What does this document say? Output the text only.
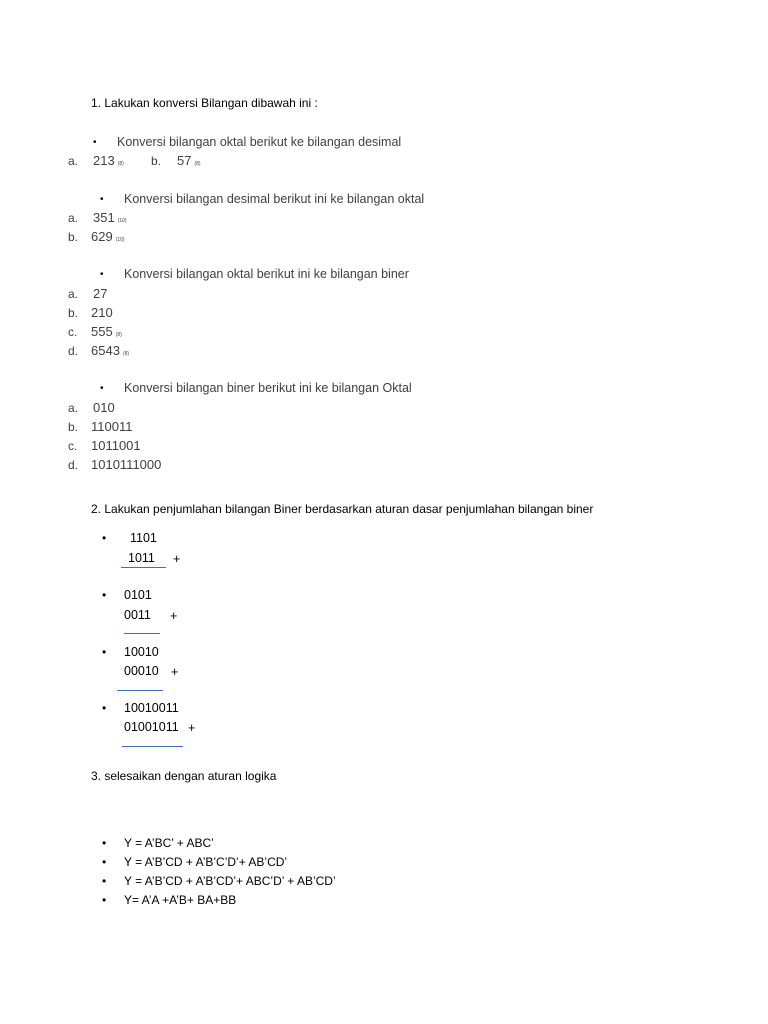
1. Lakukan konversi Bilangan dibawah ini :
• Konversi bilangan oktal berikut ke bilangan desimal
a. 213 (8) b. 57 (8)
• Konversi bilangan desimal berikut ini ke bilangan oktal
a. 351 (10)
b. 629 (10)
• Konversi bilangan oktal berikut ini ke bilangan biner
a. 27
b. 210
c. 555 (8)
d. 6543 (8)
• Konversi bilangan biner berikut ini ke bilangan Oktal
a. 010
b. 110011
c. 1011001
d. 1010111000
2. Lakukan penjumlahan bilangan Biner berdasarkan aturan dasar penjumlahan bilangan biner
• 1101
1011 +
• 0101
0011 +
• 10010
00010 +
• 10010011
01001011 +
3. selesaikan dengan aturan logika
• Y = A’BC’ + ABC’
• Y = A’B’CD + A’B’C’D’+ AB’CD’
• Y = A’B’CD + A’B’CD’+ ABC’D’ + AB’CD’
• Y= A’A +A’B+ BA+BB
